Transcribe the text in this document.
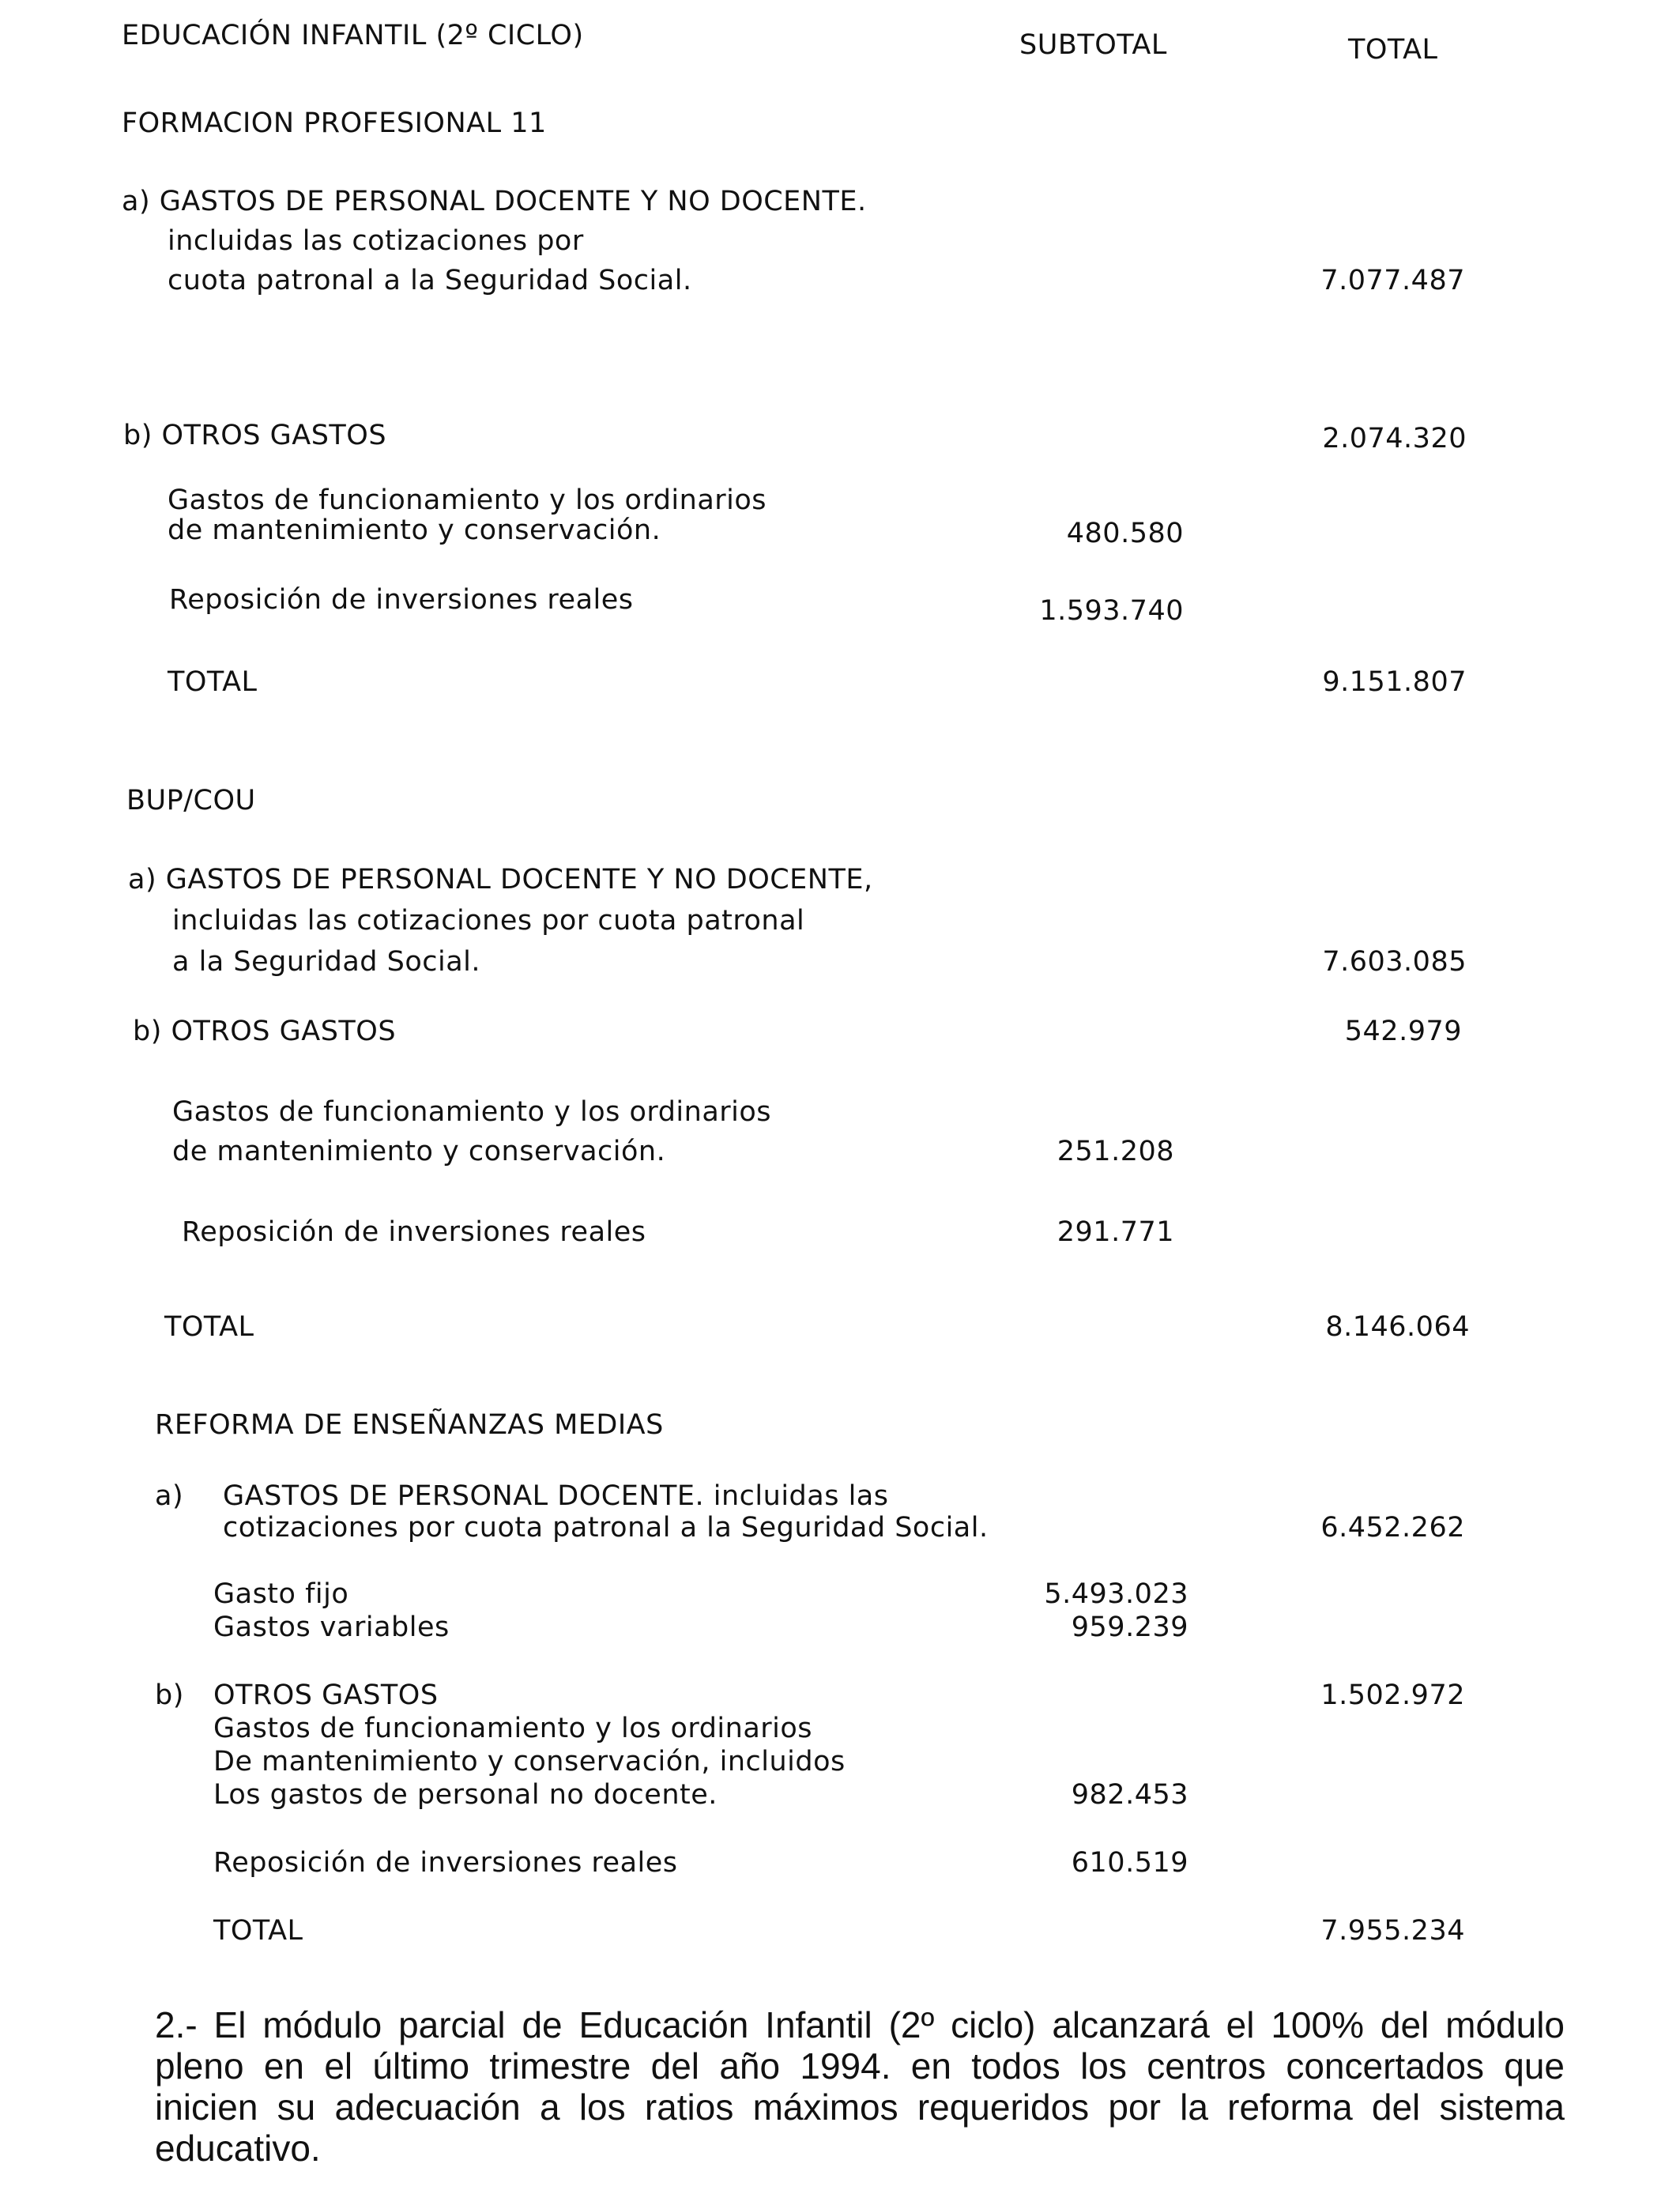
EDUCACIÓN INFANTIL (2º CICLO)	SUBTOTAL	TOTAL
FORMACION PROFESIONAL 11
a) GASTOS DE PERSONAL DOCENTE Y NO DOCENTE.
incluidas las cotizaciones por
cuota patronal a la Seguridad Social.	7.077.487
b) OTROS GASTOS	2.074.320
Gastos de funcionamiento y los ordinarios
de mantenimiento y conservación.	480.580
Reposición de inversiones reales	1.593.740
TOTAL	9.151.807
BUP/COU
a) GASTOS DE PERSONAL DOCENTE Y NO DOCENTE,
incluidas las cotizaciones por cuota patronal
a la Seguridad Social.	7.603.085
b) OTROS GASTOS	542.979
Gastos de funcionamiento y los ordinarios
de mantenimiento y conservación.	251.208
Reposición de inversiones reales	291.771
TOTAL	8.146.064
REFORMA DE ENSEÑANZAS MEDIAS
a) GASTOS DE PERSONAL DOCENTE. incluidas las
cotizaciones por cuota patronal a la Seguridad Social.	6.452.262
Gasto fijo	5.493.023
Gastos variables	959.239
b) OTROS GASTOS	1.502.972
Gastos de funcionamiento y los ordinarios
De mantenimiento y conservación, incluidos
Los gastos de personal no docente.	982.453
Reposición de inversiones reales	610.519
TOTAL	7.955.234
2.- El módulo parcial de Educación Infantil (2º ciclo) alcanzará el 100% del módulo
pleno en el último trimestre del año 1994. en todos los centros concertados que
inicien su adecuación a los ratios máximos requeridos por la reforma del sistema
educativo.
